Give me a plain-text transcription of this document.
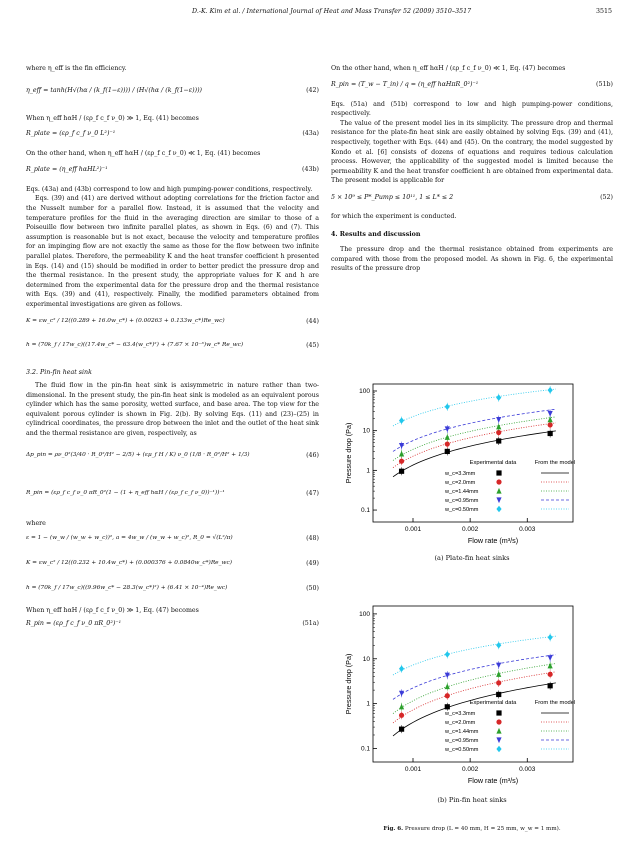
D.-K. Kim et al. / International Journal of Heat and Mass Transfer 52 (2009) 3510–3517	3515

where η_eff is the fin efficiency.

η_eff = tanh(H√(hα / (k_f(1−ε)))) / (H√(hα / (k_f(1−ε))))	(42)

When η_eff hαH / (ερ_f c_f ν_0) ≫ 1, Eq. (41) becomes

R_plate = (ερ_f c_f ν_0 L²)⁻¹	(43a)

On the other hand, when η_eff hαH / (ερ_f c_f ν_0) ≪ 1, Eq. (41) becomes

R_plate = (η_eff hαHL²)⁻¹	(43b)

Eqs. (43a) and (43b) correspond to low and high pumping-power conditions, respectively.

Eqs. (39) and (41) are derived without adopting correlations for the friction factor and the Nusselt number for a parallel flow. Instead, it is assumed that the velocity and temperature profiles for the fluid in the averaging direction are similar to those of a Poiseuille flow between two infinite parallel plates, as shown in Eqs. (6) and (7). This assumption is reasonable but is not exact, because the velocity and temperature profiles for an impinging flow are not exactly the same as those for the flow between two infinite parallel plates. Therefore, the permeability K and the heat transfer coefficient h presented in Eqs. (14) and (15) should be modified in order to better predict the pressure drop and the thermal resistance. In the present study, the appropriate values for K and h are determined from the experimental data for the pressure drop and the thermal resistance with Eqs. (39) and (41), respectively. Finally, the modified parameters obtained from experimental investigations are given as follows.

K = εw_c² / 12((0.289 + 16.0w_c*) + (0.00263 + 0.133w_c*)Re_wc)	(44)
h = (70k_f / 17w_c)((17.4w_c* − 63.4(w_c*)²) + (7.67 × 10⁻³)w_c* Re_wc)	(45)
3.2. Pin-fin heat sink

The fluid flow in the pin-fin heat sink is axisymmetric in nature rather than two-dimensional. In the present study, the pin-fin heat sink is modeled as an equivalent porous cylinder which has the same porosity, wetted surface, and base area. The top view for the equivalent porous cylinder is shown in Fig. 2(b). By solving Eqs. (11) and (23)–(25) in cylindrical coordinates, the pressure drop between the inlet and the outlet of the heat sink and the thermal resistance are given, respectively, as

Δp_pin = ρν_0²(3/40 · R_0²/H² − 2/5) + (εμ_f H / K) ν_0 (1/8 · R_0²/H² + 1/3)	(46)
R_pin = (ερ_f c_f ν_0 πR_0²(1 − (1 + η_eff hαH / (ερ_f c_f ν_0))⁻¹))⁻¹	(47)

where

ε = 1 − (w_w / (w_w + w_c))², a = 4w_w / (w_w + w_c)², R_0 = √(L²/π)	(48)
K = εw_c² / 12((0.232 + 10.4w_c*) + (0.000376 + 0.0840w_c*)Re_wc)	(49)
h = (70k_f / 17w_c)((9.96w_c* − 28.3(w_c*)²) + (6.41 × 10⁻⁴)Re_wc)	(50)

When η_eff hαH / (ερ_f c_f ν_0) ≫ 1, Eq. (47) becomes

R_pin = (ερ_f c_f ν_0 πR_0²)⁻¹	(51a)

On the other hand, when η_eff hαH / (ερ_f c_f ν_0) ≪ 1, Eq. (47) becomes

R_pin = (T_w − T_in) / q = (η_eff hαHπR_0²)⁻¹	(51b)

Eqs. (51a) and (51b) correspond to low and high pumping-power conditions, respectively.

The value of the present model lies in its simplicity. The pressure drop and thermal resistance for the plate-fin heat sink are easily obtained by solving Eqs. (39) and (41), respectively, together with Eqs. (44) and (45). On the contrary, the model suggested by Kondo et al. [6] consists of dozens of equations and requires tedious calculation process. However, the applicability of the suggested model is limited because the permeability K and the heat transfer coefficient h are obtained from experimental data. The present model is applicable for

5 × 10⁹ ≤ P*_Pump ≤ 10¹¹, 1 ≤ L* ≤ 2	(52)

for which the experiment is conducted.

4. Results and discussion

The pressure drop and the thermal resistance obtained from experiments are compared with those from the proposed model. As shown in Fig. 6, the experimental results of the pressure drop

0.1
1
10
100
0.001	0.002	0.003
Flow rate (m³/s)
Pressure drop (Pa)	Experimental data	From the model
w_c=3.3mm
w_c=2.0mm
w_c=1.44mm
w_c=0.95mm
w_c=0.50mm
(a) Plate-fin heat sinks
0.1
1
10
100
0.001	0.002	0.003
Flow rate (m³/s)
Pressure drop (Pa)	Experimental data	From the model
w_c=3.3mm
w_c=2.0mm
w_c=1.44mm
w_c=0.95mm
w_c=0.50mm
(b) Pin-fin heat sinks
Fig. 6. Pressure drop (L = 40 mm, H = 25 mm, w_w = 1 mm).
